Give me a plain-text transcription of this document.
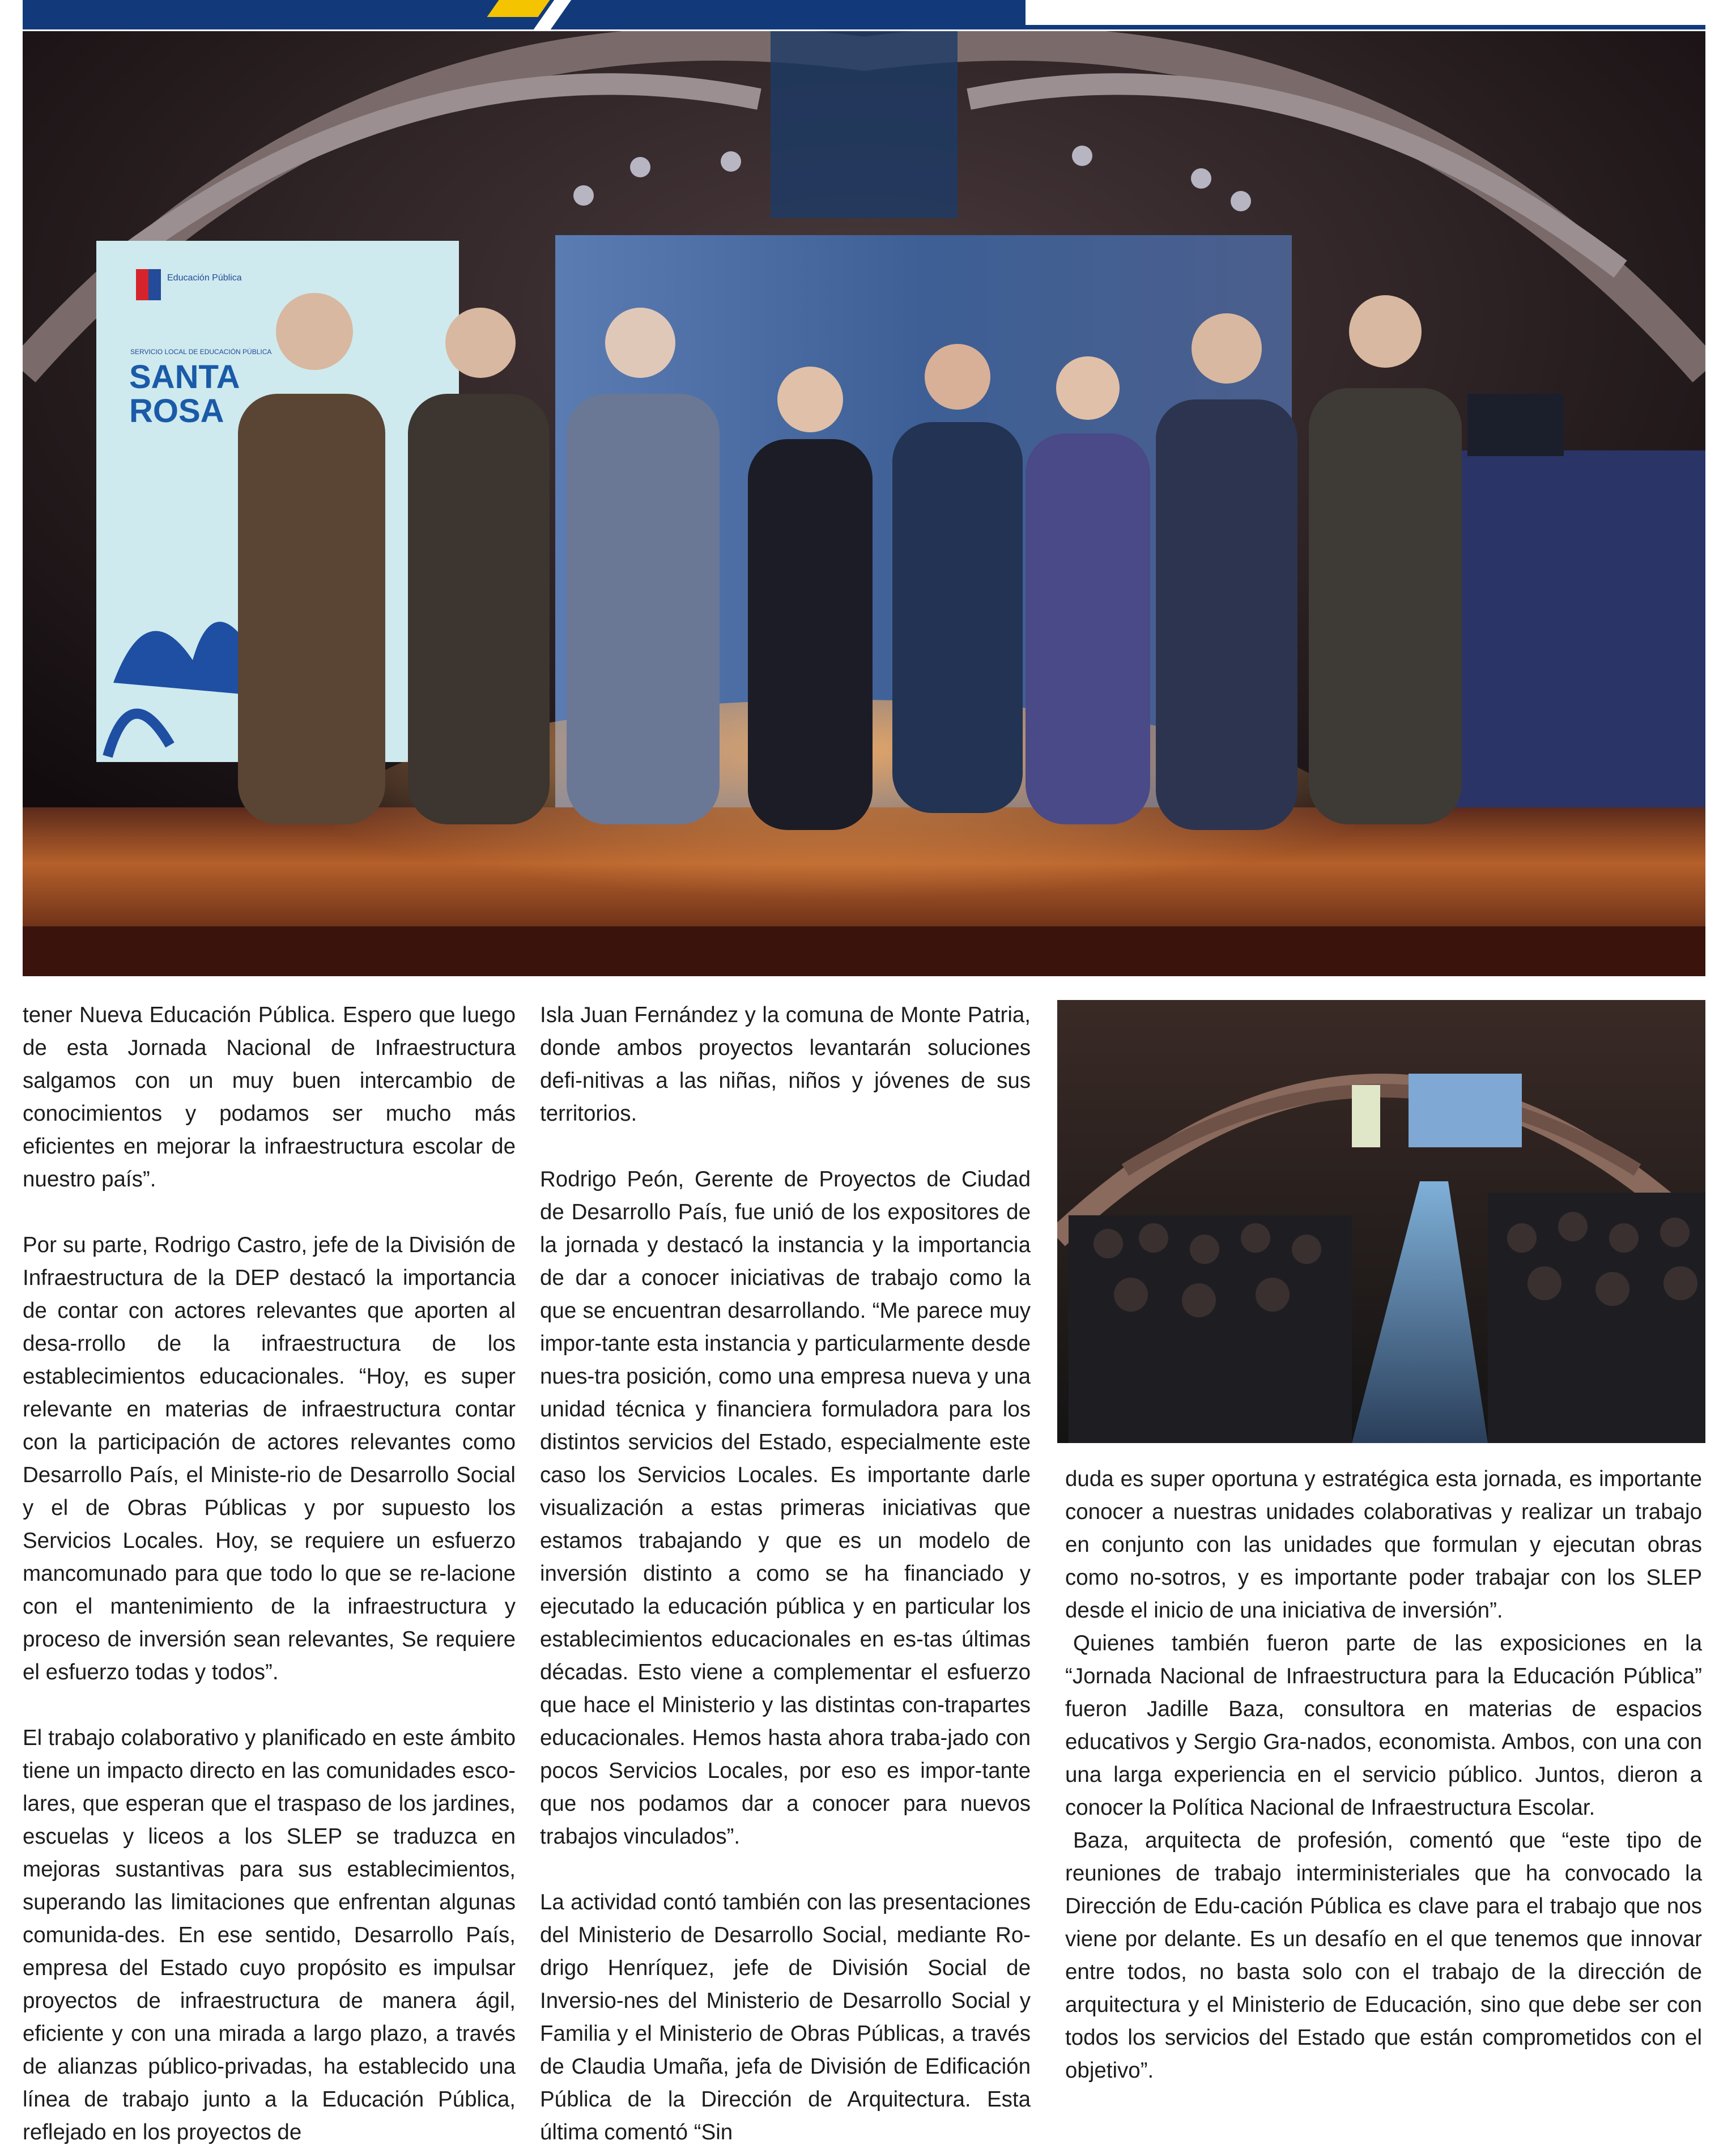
Educación Pública
SERVICIO LOCAL DE EDUCACIÓN PÚBLICA
SANTA
ROSA

tener Nueva Educación Pública. Espero que luego de esta Jornada Nacional de Infraestructura salgamos con un muy buen intercambio de conocimientos y podamos ser mucho más eficientes en mejorar la infraestructura escolar de nuestro país”.

Por su parte, Rodrigo Castro, jefe de la División de Infraestructura de la DEP destacó la importancia de contar con actores relevantes que aporten al desa-rrollo de la infraestructura de los establecimientos educacionales. “Hoy, es super relevante en materias de infraestructura contar con la participación de actores relevantes como Desarrollo País, el Ministe-rio de Desarrollo Social y el de Obras Públicas y por supuesto los Servicios Locales. Hoy, se requiere un esfuerzo mancomunado para que todo lo que se re-lacione con el mantenimiento de la infraestructura y proceso de inversión sean relevantes, Se requiere el esfuerzo todas y todos”.

El trabajo colaborativo y planificado en este ámbito tiene un impacto directo en las comunidades esco-lares, que esperan que el traspaso de los jardines, escuelas y liceos a los SLEP se traduzca en mejoras sustantivas para sus establecimientos, superando las limitaciones que enfrentan algunas comunida-des. En ese sentido, Desarrollo País, empresa del Estado cuyo propósito es impulsar proyectos de infraestructura de manera ágil, eficiente y con una mirada a largo plazo, a través de alianzas público-privadas, ha establecido una línea de trabajo junto a la Educación Pública, reflejado en los proyectos de

Isla Juan Fernández y la comuna de Monte Patria, donde ambos proyectos levantarán soluciones defi-nitivas a las niñas, niños y jóvenes de sus territorios.

Rodrigo Peón, Gerente de Proyectos de Ciudad de Desarrollo País, fue unió de los expositores de la jornada y destacó la instancia y la importancia de dar a conocer iniciativas de trabajo como la que se encuentran desarrollando. “Me parece muy impor-tante esta instancia y particularmente desde nues-tra posición, como una empresa nueva y una unidad técnica y financiera formuladora para los distintos servicios del Estado, especialmente este caso los Servicios Locales. Es importante darle visualización a estas primeras iniciativas que estamos trabajando y que es un modelo de inversión distinto a como se ha financiado y ejecutado la educación pública y en particular los establecimientos educacionales en es-tas últimas décadas. Esto viene a complementar el esfuerzo que hace el Ministerio y las distintas con-trapartes educacionales. Hemos hasta ahora traba-jado con pocos Servicios Locales, por eso es impor-tante que nos podamos dar a conocer para nuevos trabajos vinculados”.

La actividad contó también con las presentaciones del Ministerio de Desarrollo Social, mediante Ro-drigo Henríquez, jefe de División Social de Inversio-nes del Ministerio de Desarrollo Social y Familia y el Ministerio de Obras Públicas, a través de Claudia Umaña, jefa de División de Edificación Pública de la Dirección de Arquitectura. Esta última comentó “Sin

duda es super oportuna y estratégica esta jornada, es importante conocer a nuestras unidades colaborativas y realizar un trabajo en conjunto con las unidades que formulan y ejecutan obras como no-sotros, y es importante poder trabajar con los SLEP desde el inicio de una iniciativa de inversión”.

Quienes también fueron parte de las exposiciones en la “Jornada Nacional de Infraestructura para la Educación Pública” fueron Jadille Baza, consultora en materias de espacios educativos y Sergio Gra-nados, economista. Ambos, con una con una larga experiencia en el servicio público. Juntos, dieron a conocer la Política Nacional de Infraestructura Escolar.

Baza, arquitecta de profesión, comentó que “este tipo de reuniones de trabajo interministeriales que ha convocado la Dirección de Edu-cación Pública es clave para el trabajo que nos viene por delante. Es un desafío en el que tenemos que innovar entre todos, no basta solo con el trabajo de la dirección de arquitectura y el Ministerio de Educación, sino que debe ser con todos los servicios del Estado que están comprometidos con el objetivo”.
